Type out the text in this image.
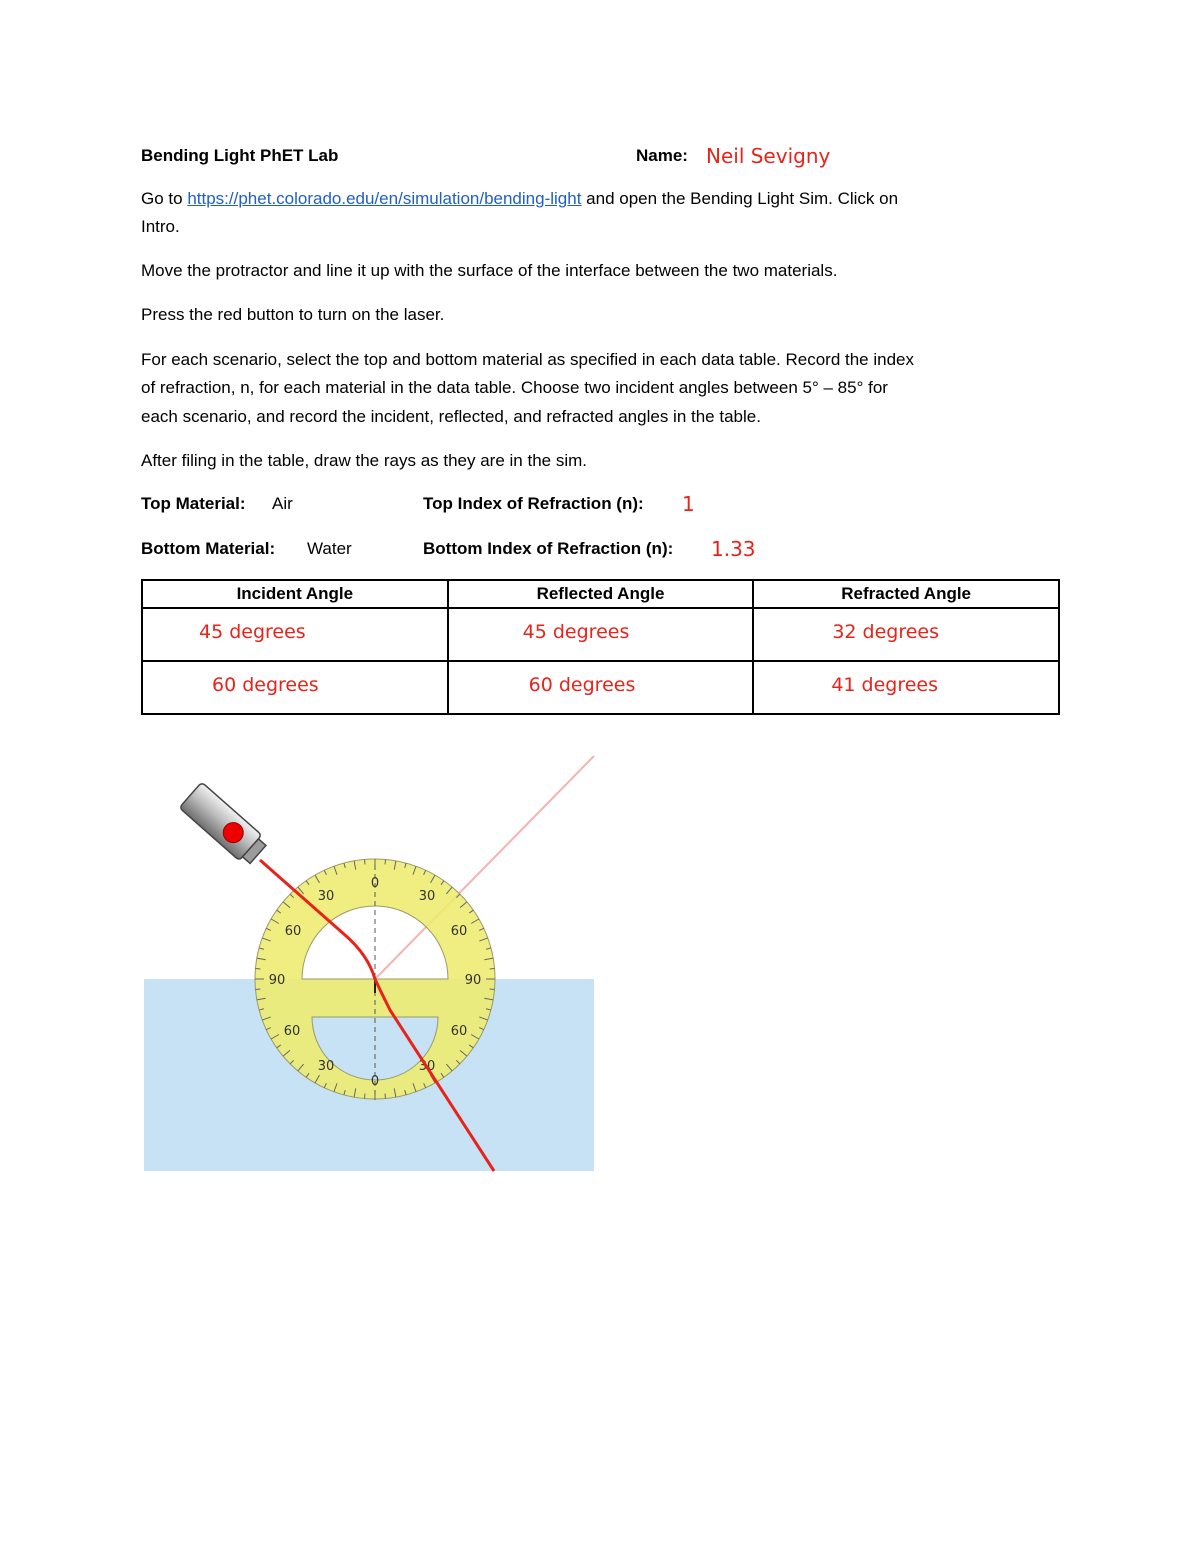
Bending Light PhET Lab	Name: Neil Sevigny
Go to https://phet.colorado.edu/en/simulation/bending-light and open the Bending Light Sim. Click on
Intro.
Move the protractor and line it up with the surface of the interface between the two materials.
Press the red button to turn on the laser.
For each scenario, select the top and bottom material as specified in each data table. Record the index
of refraction, n, for each material in the data table. Choose two incident angles between 5° – 85° for
each scenario, and record the incident, reflected, and refracted angles in the table.
After filing in the table, draw the rays as they are in the sim.
Top Material: Air	Top Index of Refraction (n): 1
Bottom Material: Water	Bottom Index of Refraction (n): 1.33
Incident Angle	Reflected Angle	Refracted Angle

45 degrees	45 degrees	32 degrees

60 degrees	60 degrees	41 degrees
0
30	30
60	60
90	90
60	60
30	30
0
